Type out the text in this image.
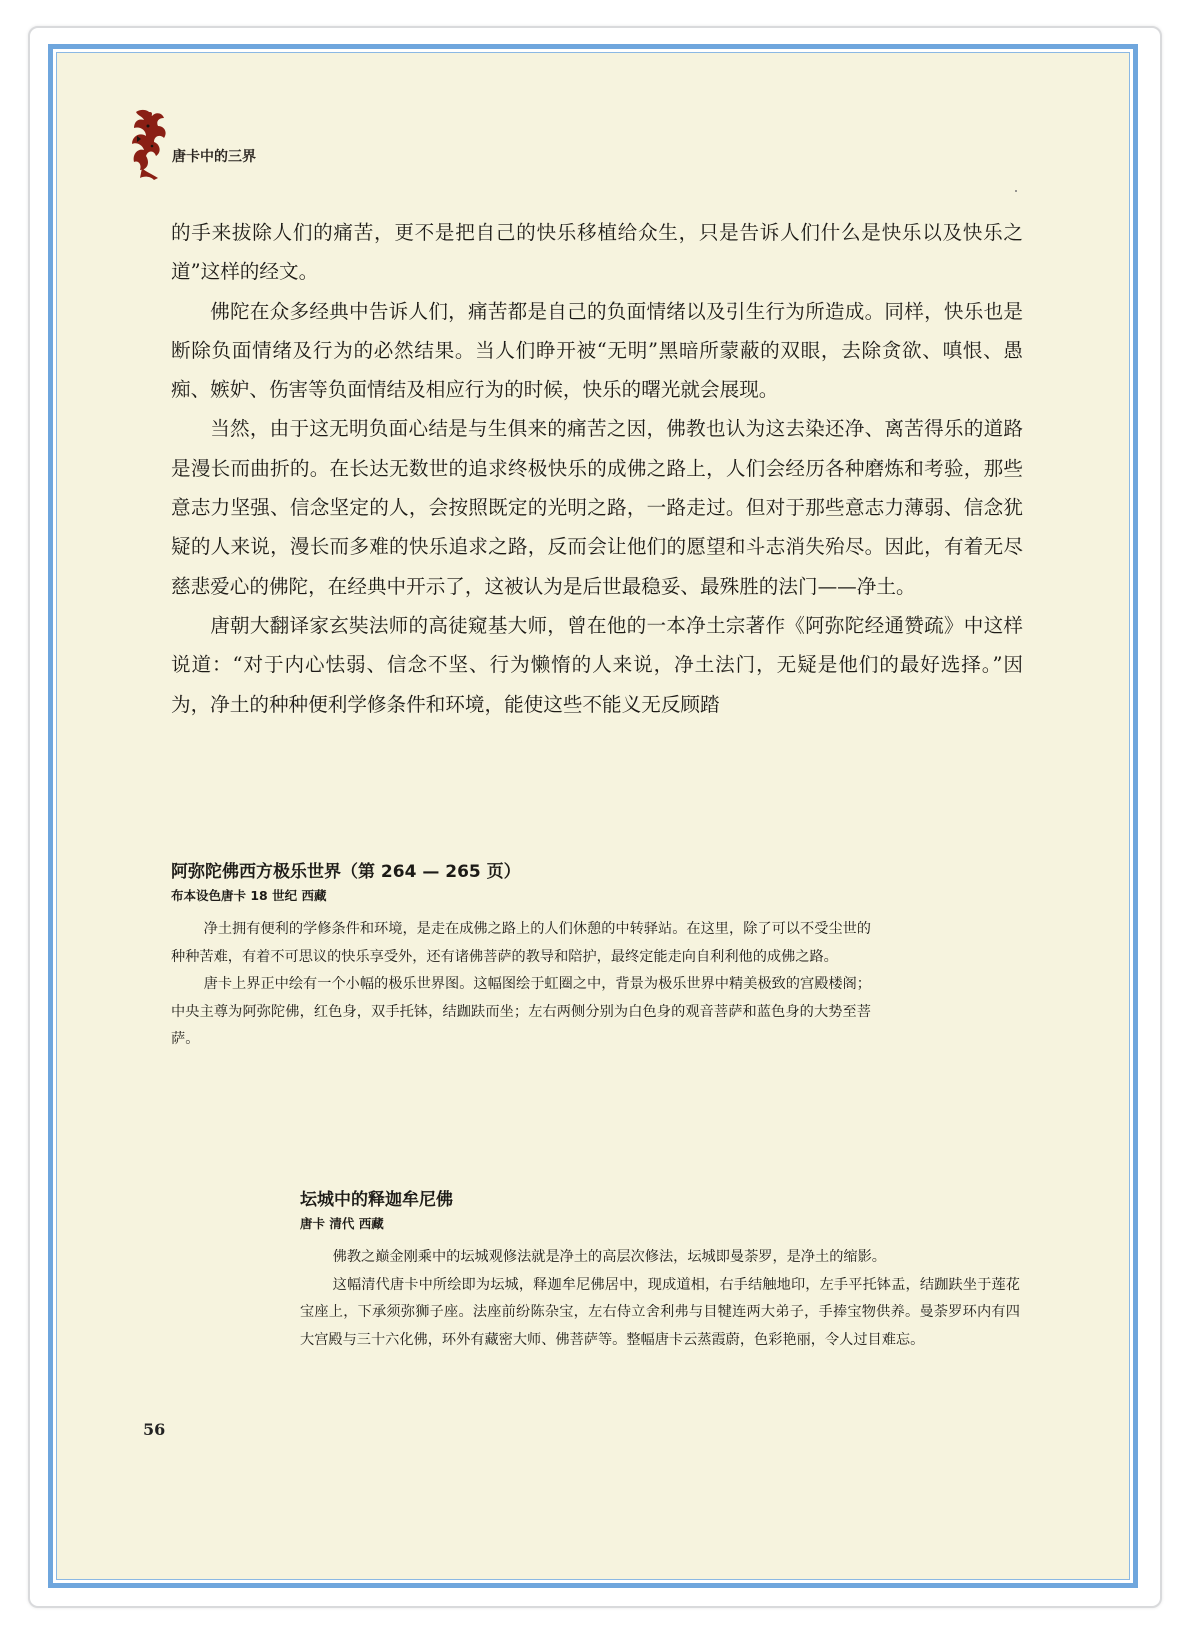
唐卡中的三界

的手来拔除人们的痛苦，更不是把自己的快乐移植给众生，只是告诉人们什么是快乐以及快乐之道”这样的经文。

佛陀在众多经典中告诉人们，痛苦都是自己的负面情绪以及引生行为所造成。同样，快乐也是断除负面情绪及行为的必然结果。当人们睁开被“无明”黑暗所蒙蔽的双眼，去除贪欲、嗔恨、愚痴、嫉妒、伤害等负面情结及相应行为的时候，快乐的曙光就会展现。

当然，由于这无明负面心结是与生俱来的痛苦之因，佛教也认为这去染还净、离苦得乐的道路是漫长而曲折的。在长达无数世的追求终极快乐的成佛之路上，人们会经历各种磨炼和考验，那些意志力坚强、信念坚定的人，会按照既定的光明之路，一路走过。但对于那些意志力薄弱、信念犹疑的人来说，漫长而多难的快乐追求之路，反而会让他们的愿望和斗志消失殆尽。因此，有着无尽慈悲爱心的佛陀，在经典中开示了，这被认为是后世最稳妥、最殊胜的法门——净土。

唐朝大翻译家玄奘法师的高徒窥基大师，曾在他的一本净土宗著作《阿弥陀经通赞疏》中这样说道：“对于内心怯弱、信念不坚、行为懒惰的人来说，净土法门，无疑是他们的最好选择。”因为，净土的种种便利学修条件和环境，能使这些不能义无反顾踏

阿弥陀佛西方极乐世界（第 264 — 265 页）
布本设色唐卡 18 世纪 西藏

净土拥有便利的学修条件和环境，是走在成佛之路上的人们休憩的中转驿站。在这里，除了可以不受尘世的种种苦难，有着不可思议的快乐享受外，还有诸佛菩萨的教导和陪护，最终定能走向自利利他的成佛之路。

唐卡上界正中绘有一个小幅的极乐世界图。这幅图绘于虹圈之中，背景为极乐世界中精美极致的宫殿楼阁；中央主尊为阿弥陀佛，红色身，双手托钵，结跏趺而坐；左右两侧分别为白色身的观音菩萨和蓝色身的大势至菩萨。

坛城中的释迦牟尼佛
唐卡 清代 西藏

佛教之巅金刚乘中的坛城观修法就是净土的高层次修法，坛城即曼荼罗，是净土的缩影。

这幅清代唐卡中所绘即为坛城，释迦牟尼佛居中，现成道相，右手结触地印，左手平托钵盂，结跏趺坐于莲花宝座上，下承须弥狮子座。法座前纷陈杂宝，左右侍立舍利弗与目犍连两大弟子，手捧宝物供养。曼荼罗环内有四大宫殿与三十六化佛，环外有藏密大师、佛菩萨等。整幅唐卡云蒸霞蔚，色彩艳丽，令人过目难忘。

56
